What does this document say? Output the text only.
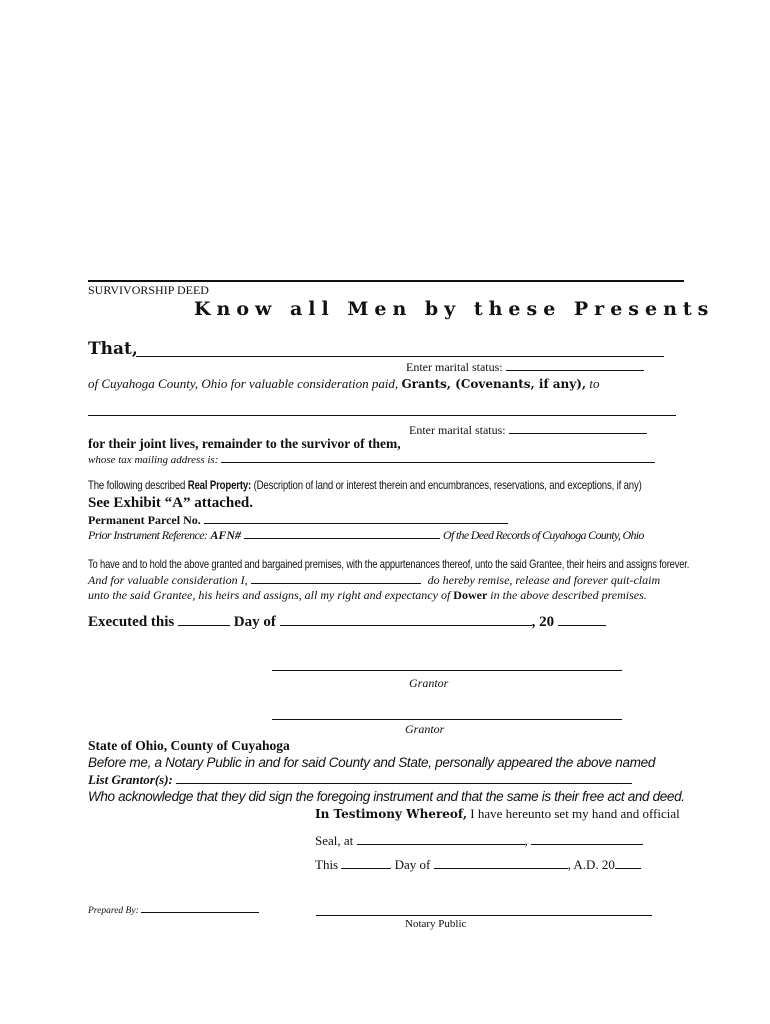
SURVIVORSHIP DEED
Know all Men by these Presents
That,
Enter marital status:
of Cuyahoga County, Ohio for valuable consideration paid, Grants, (Covenants, if any), to
Enter marital status:
for their joint lives, remainder to the survivor of them,
whose tax mailing address is:
The following described Real Property: (Description of land or interest therein and encumbrances, reservations, and exceptions, if any)
See Exhibit “A” attached.
Permanent Parcel No.
Prior Instrument Reference: AFN#	Of the Deed Records of Cuyahoga County, Ohio
To have and to hold the above granted and bargained premises, with the appurtenances thereof, unto the said Grantee, their heirs and assigns forever.
And for valuable consideration I,	do hereby remise, release and forever quit-claim
unto the said Grantee, his heirs and assigns, all my right and expectancy of Dower in the above described premises.
Executed this	Day of	, 20
Grantor
Grantor
State of Ohio, County of Cuyahoga
Before me, a Notary Public in and for said County and State, personally appeared the above named
List Grantor(s):
Who acknowledge that they did sign the foregoing instrument and that the same is their free act and deed.
In Testimony Whereof, I have hereunto set my hand and official
Seal, at	,
This	Day of	, A.D. 20
Prepared By:
Notary Public
